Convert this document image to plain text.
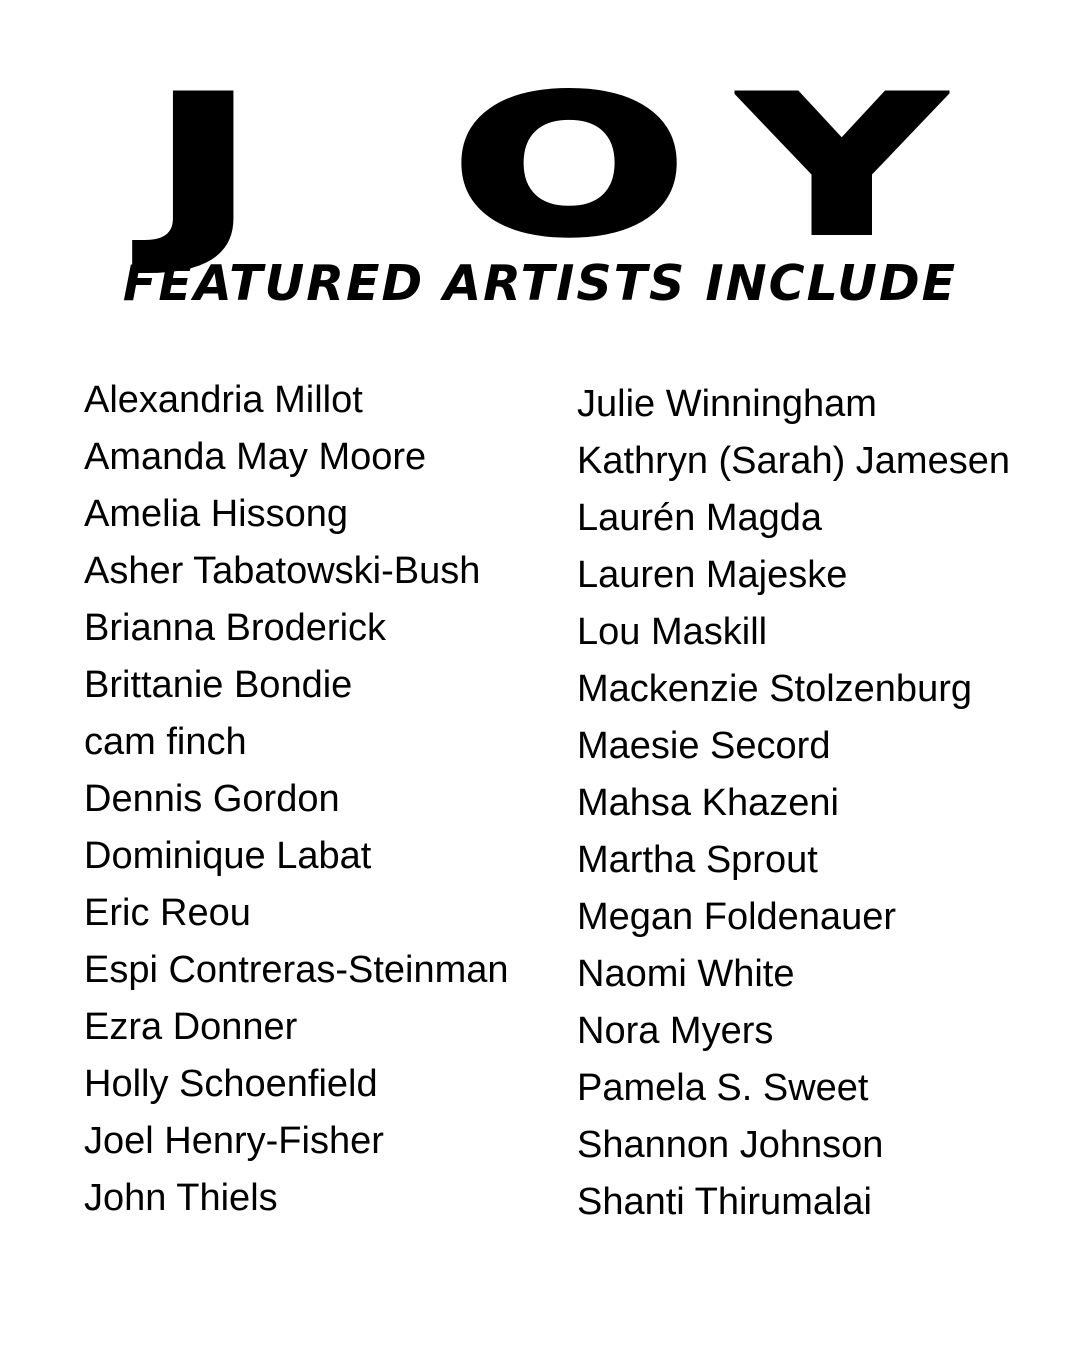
J O Y
FEATURED ARTISTS INCLUDE
Alexandria Millot
Amanda May Moore
Amelia Hissong
Asher Tabatowski-Bush
Brianna Broderick
Brittanie Bondie
cam finch
Dennis Gordon
Dominique Labat
Eric Reou
Espi Contreras-Steinman
Ezra Donner
Holly Schoenfield
Joel Henry-Fisher
John Thiels
Julie Winningham
Kathryn (Sarah) Jamesen
Laurén Magda
Lauren Majeske
Lou Maskill
Mackenzie Stolzenburg
Maesie Secord
Mahsa Khazeni
Martha Sprout
Megan Foldenauer
Naomi White
Nora Myers
Pamela S. Sweet
Shannon Johnson
Shanti Thirumalai
